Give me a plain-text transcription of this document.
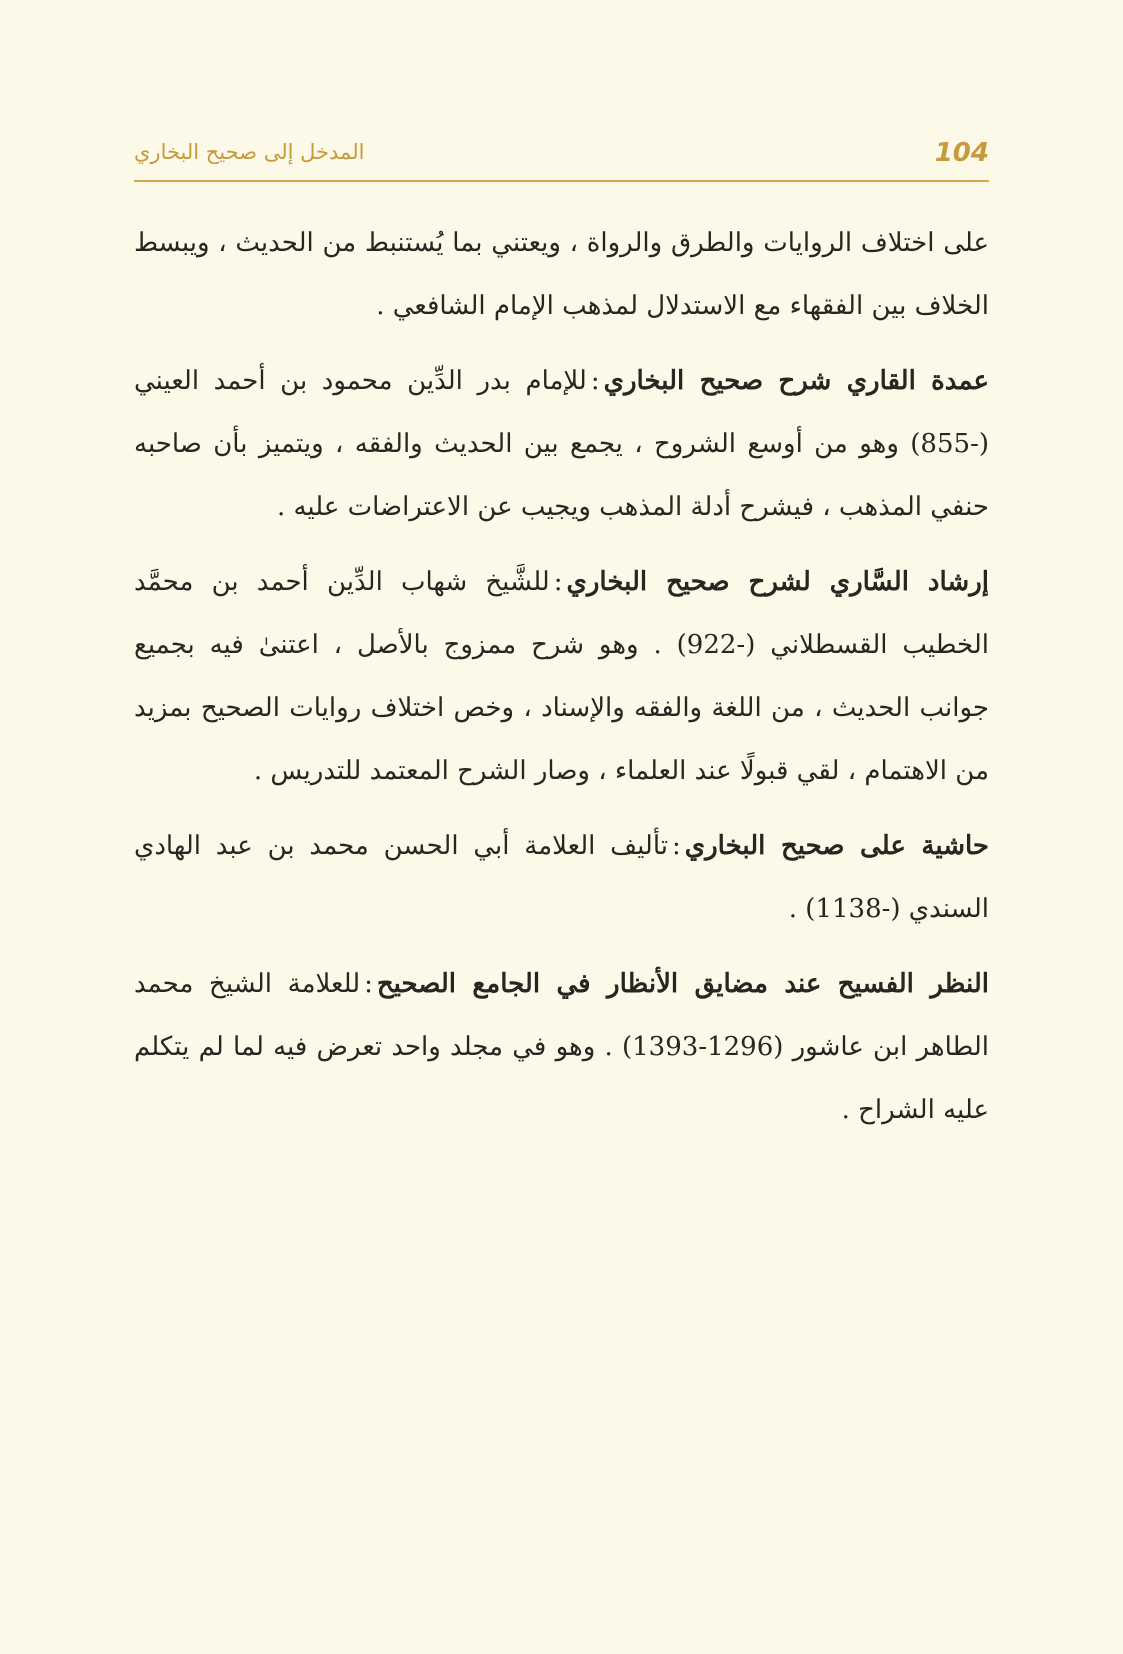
104
المدخل إلى صحيح البخاري

على اختلاف الروايات والطرق والرواة ، ويعتني بما يُستنبط من الحديث ، ويبسط الخلاف بين الفقهاء مع الاستدلال لمذهب الإمام الشافعي .

عمدة القاري شرح صحيح البخاري:للإمام بدر الدِّين محمود بن أحمد العيني (-855) وهو من أوسع الشروح ، يجمع بين الحديث والفقه ، ويتميز بأن صاحبه حنفي المذهب ، فيشرح أدلة المذهب ويجيب عن الاعتراضات عليه .

إرشاد السَّاري لشرح صحيح البخاري:للشَّيخ شهاب الدِّين أحمد بن محمَّد الخطيب القسطلاني (-922) . وهو شرح ممزوج بالأصل ، اعتنىٰ فيه بجميع جوانب الحديث ، من اللغة والفقه والإسناد ، وخص اختلاف روايات الصحيح بمزيد من الاهتمام ، لقي قبولًا عند العلماء ، وصار الشرح المعتمد للتدريس .

حاشية على صحيح البخاري:تأليف العلامة أبي الحسن محمد بن عبد الهادي السندي (-1138) .

النظر الفسيح عند مضايق الأنظار في الجامع الصحيح:للعلامة الشيخ محمد الطاهر ابن عاشور (1296-1393) . وهو في مجلد واحد تعرض فيه لما لم يتكلم عليه الشراح .
